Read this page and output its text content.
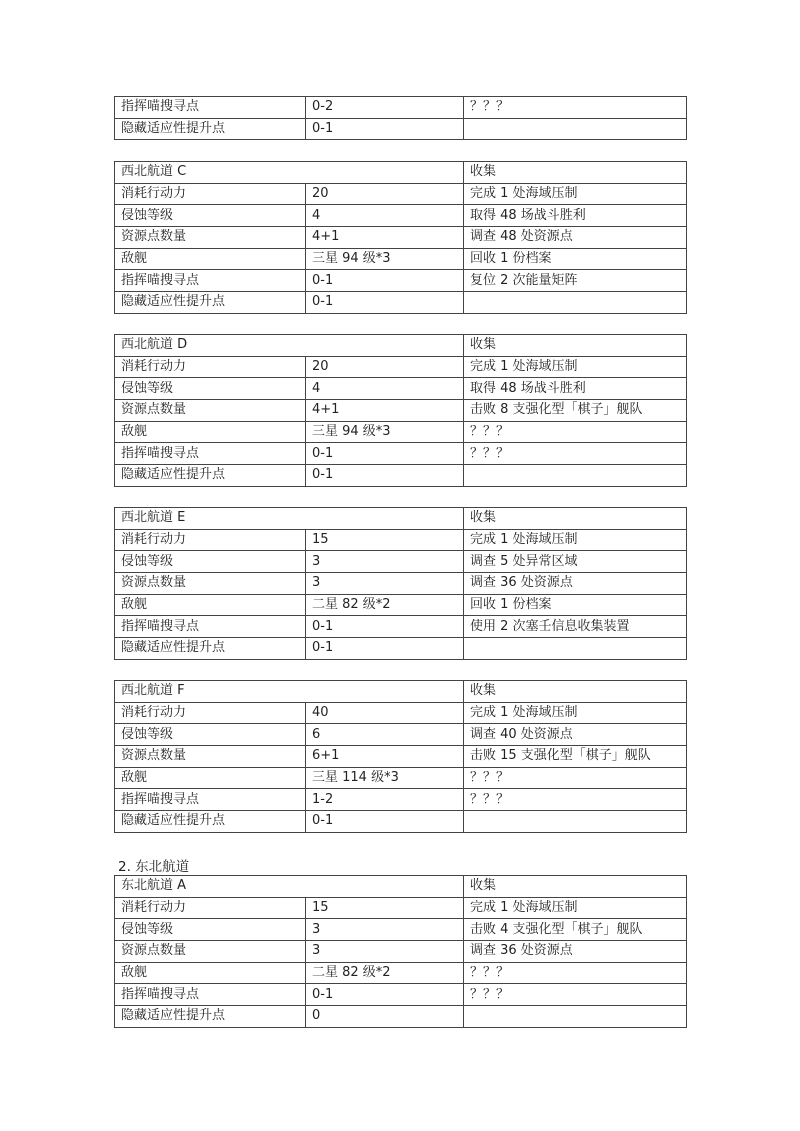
指挥喵搜寻点	0-2	？？？
隐藏适应性提升点	0-1	
西北航道 C		收集
消耗行动力	20	完成 1 处海域压制
侵蚀等级	4	取得 48 场战斗胜利
资源点数量	4+1	调查 48 处资源点
敌舰	三星 94 级*3	回收 1 份档案
指挥喵搜寻点	0-1	复位 2 次能量矩阵
隐藏适应性提升点	0-1	
西北航道 D		收集
消耗行动力	20	完成 1 处海域压制
侵蚀等级	4	取得 48 场战斗胜利
资源点数量	4+1	击败 8 支强化型「棋子」舰队
敌舰	三星 94 级*3	？？？
指挥喵搜寻点	0-1	？？？
隐藏适应性提升点	0-1	
西北航道 E		收集
消耗行动力	15	完成 1 处海域压制
侵蚀等级	3	调查 5 处异常区域
资源点数量	3	调查 36 处资源点
敌舰	二星 82 级*2	回收 1 份档案
指挥喵搜寻点	0-1	使用 2 次塞壬信息收集装置
隐藏适应性提升点	0-1	
西北航道 F		收集
消耗行动力	40	完成 1 处海域压制
侵蚀等级	6	调查 40 处资源点
资源点数量	6+1	击败 15 支强化型「棋子」舰队
敌舰	三星 114 级*3	？？？
指挥喵搜寻点	1-2	？？？
隐藏适应性提升点	0-1	
2. 东北航道
东北航道 A		收集
消耗行动力	15	完成 1 处海域压制
侵蚀等级	3	击败 4 支强化型「棋子」舰队
资源点数量	3	调查 36 处资源点
敌舰	二星 82 级*2	？？？
指挥喵搜寻点	0-1	？？？
隐藏适应性提升点	0	
